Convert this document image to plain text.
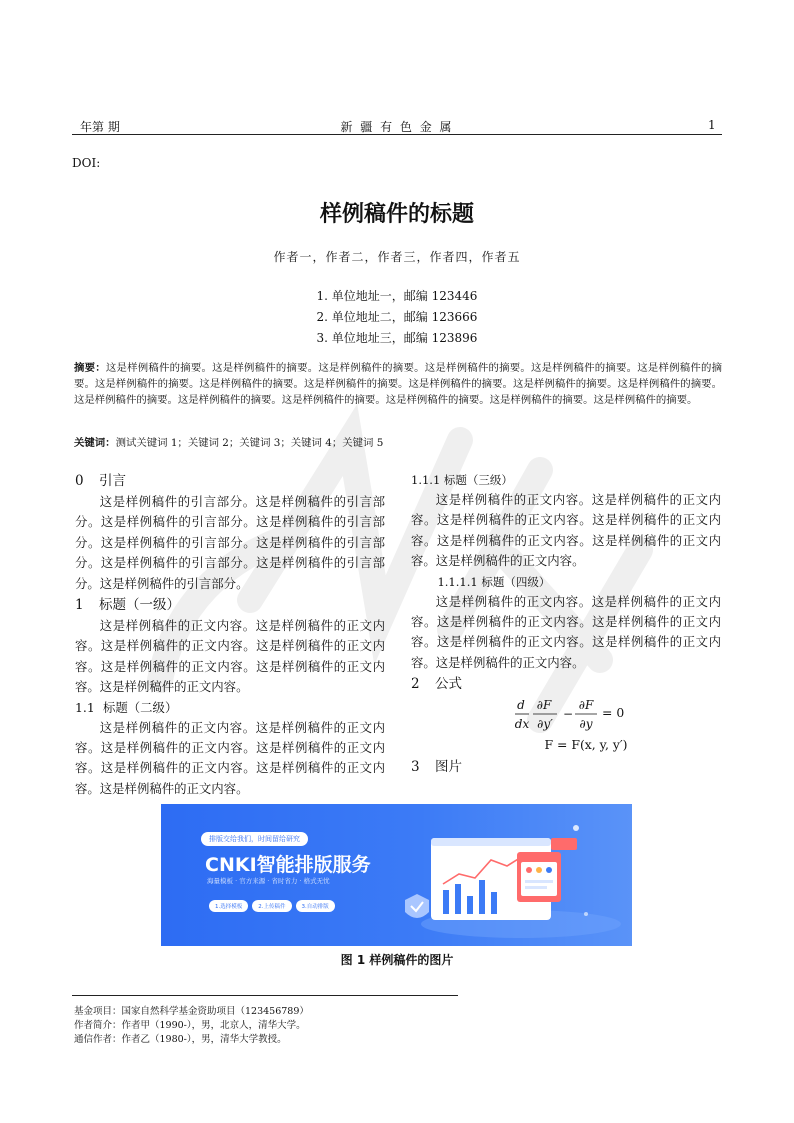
年第 期	新 疆 有 色 金 属	1
DOI:
样例稿件的标题
作者一，作者二，作者三，作者四，作者五
1. 单位地址一，邮编 123446
2. 单位地址二，邮编 123666
3. 单位地址三，邮编 123896
摘要：这是样例稿件的摘要。这是样例稿件的摘要。这是样例稿件的摘要。这是样例稿件的摘要。这是样例稿件的摘要。这是样例稿件的摘要。这是样例稿件的摘要。这是样例稿件的摘要。这是样例稿件的摘要。这是样例稿件的摘要。这是样例稿件的摘要。这是样例稿件的摘要。这是样例稿件的摘要。这是样例稿件的摘要。这是样例稿件的摘要。这是样例稿件的摘要。这是样例稿件的摘要。这是样例稿件的摘要。
关键词：测试关键词 1；关键词 2；关键词 3；关键词 4；关键词 5

0 引言

这是样例稿件的引言部分。这是样例稿件的引言部分。这是样例稿件的引言部分。这是样例稿件的引言部分。这是样例稿件的引言部分。这是样例稿件的引言部分。这是样例稿件的引言部分。这是样例稿件的引言部分。这是样例稿件的引言部分。

1 标题（一级）

这是样例稿件的正文内容。这是样例稿件的正文内容。这是样例稿件的正文内容。这是样例稿件的正文内容。这是样例稿件的正文内容。这是样例稿件的正文内容。这是样例稿件的正文内容。

1.1 标题（二级）

这是样例稿件的正文内容。这是样例稿件的正文内容。这是样例稿件的正文内容。这是样例稿件的正文内容。这是样例稿件的正文内容。这是样例稿件的正文内容。这是样例稿件的正文内容。

1.1.1 标题（三级）

这是样例稿件的正文内容。这是样例稿件的正文内容。这是样例稿件的正文内容。这是样例稿件的正文内容。这是样例稿件的正文内容。这是样例稿件的正文内容。这是样例稿件的正文内容。

1.1.1.1 标题（四级）

这是样例稿件的正文内容。这是样例稿件的正文内容。这是样例稿件的正文内容。这是样例稿件的正文内容。这是样例稿件的正文内容。这是样例稿件的正文内容。这是样例稿件的正文内容。

2 公式

d
dx
∂F
∂y′
−
∂F
∂y
= 0
F = F(x, y, y′)

3 图片

排版交给我们，时间留给研究
CNKI智能排版服务
海量模板 · 官方来源 · 省时省力 · 格式无忧
1.选择模板	2.上传稿件	3.自动排版
图 1 样例稿件的图片
基金项目：国家自然科学基金资助项目（123456789）
作者简介：作者甲（1990-），男，北京人，清华大学。
通信作者：作者乙（1980-），男，清华大学教授。
